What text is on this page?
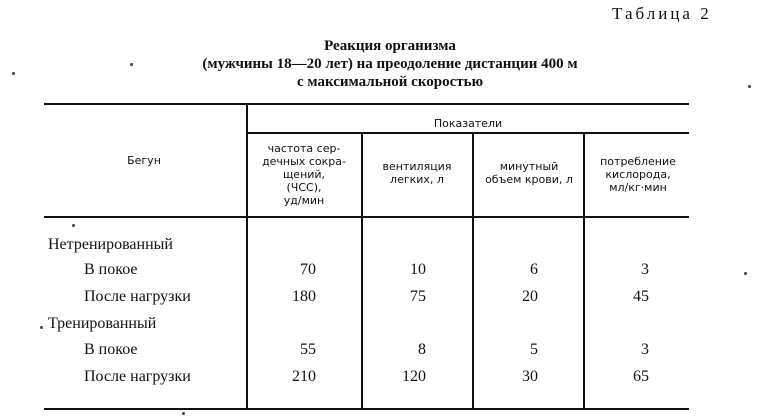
Таблица 2
Реакция организма
(мужчины 18—20 лет) на преодоление дистанции 400 м
с максимальной скоростью
Бегун
Показатели
частота сер-
дечных сокра-
щений,
(ЧСС),
уд/мин
вентиляция
легких, л
минутный
объем крови, л
потребление
кислорода,
мл/кг·мин
Нетренированный
В покое	70	10	6	3
После нагрузки	180	75	20	45
Тренированный
В покое	55	8	5	3
После нагрузки	210	120	30	65
